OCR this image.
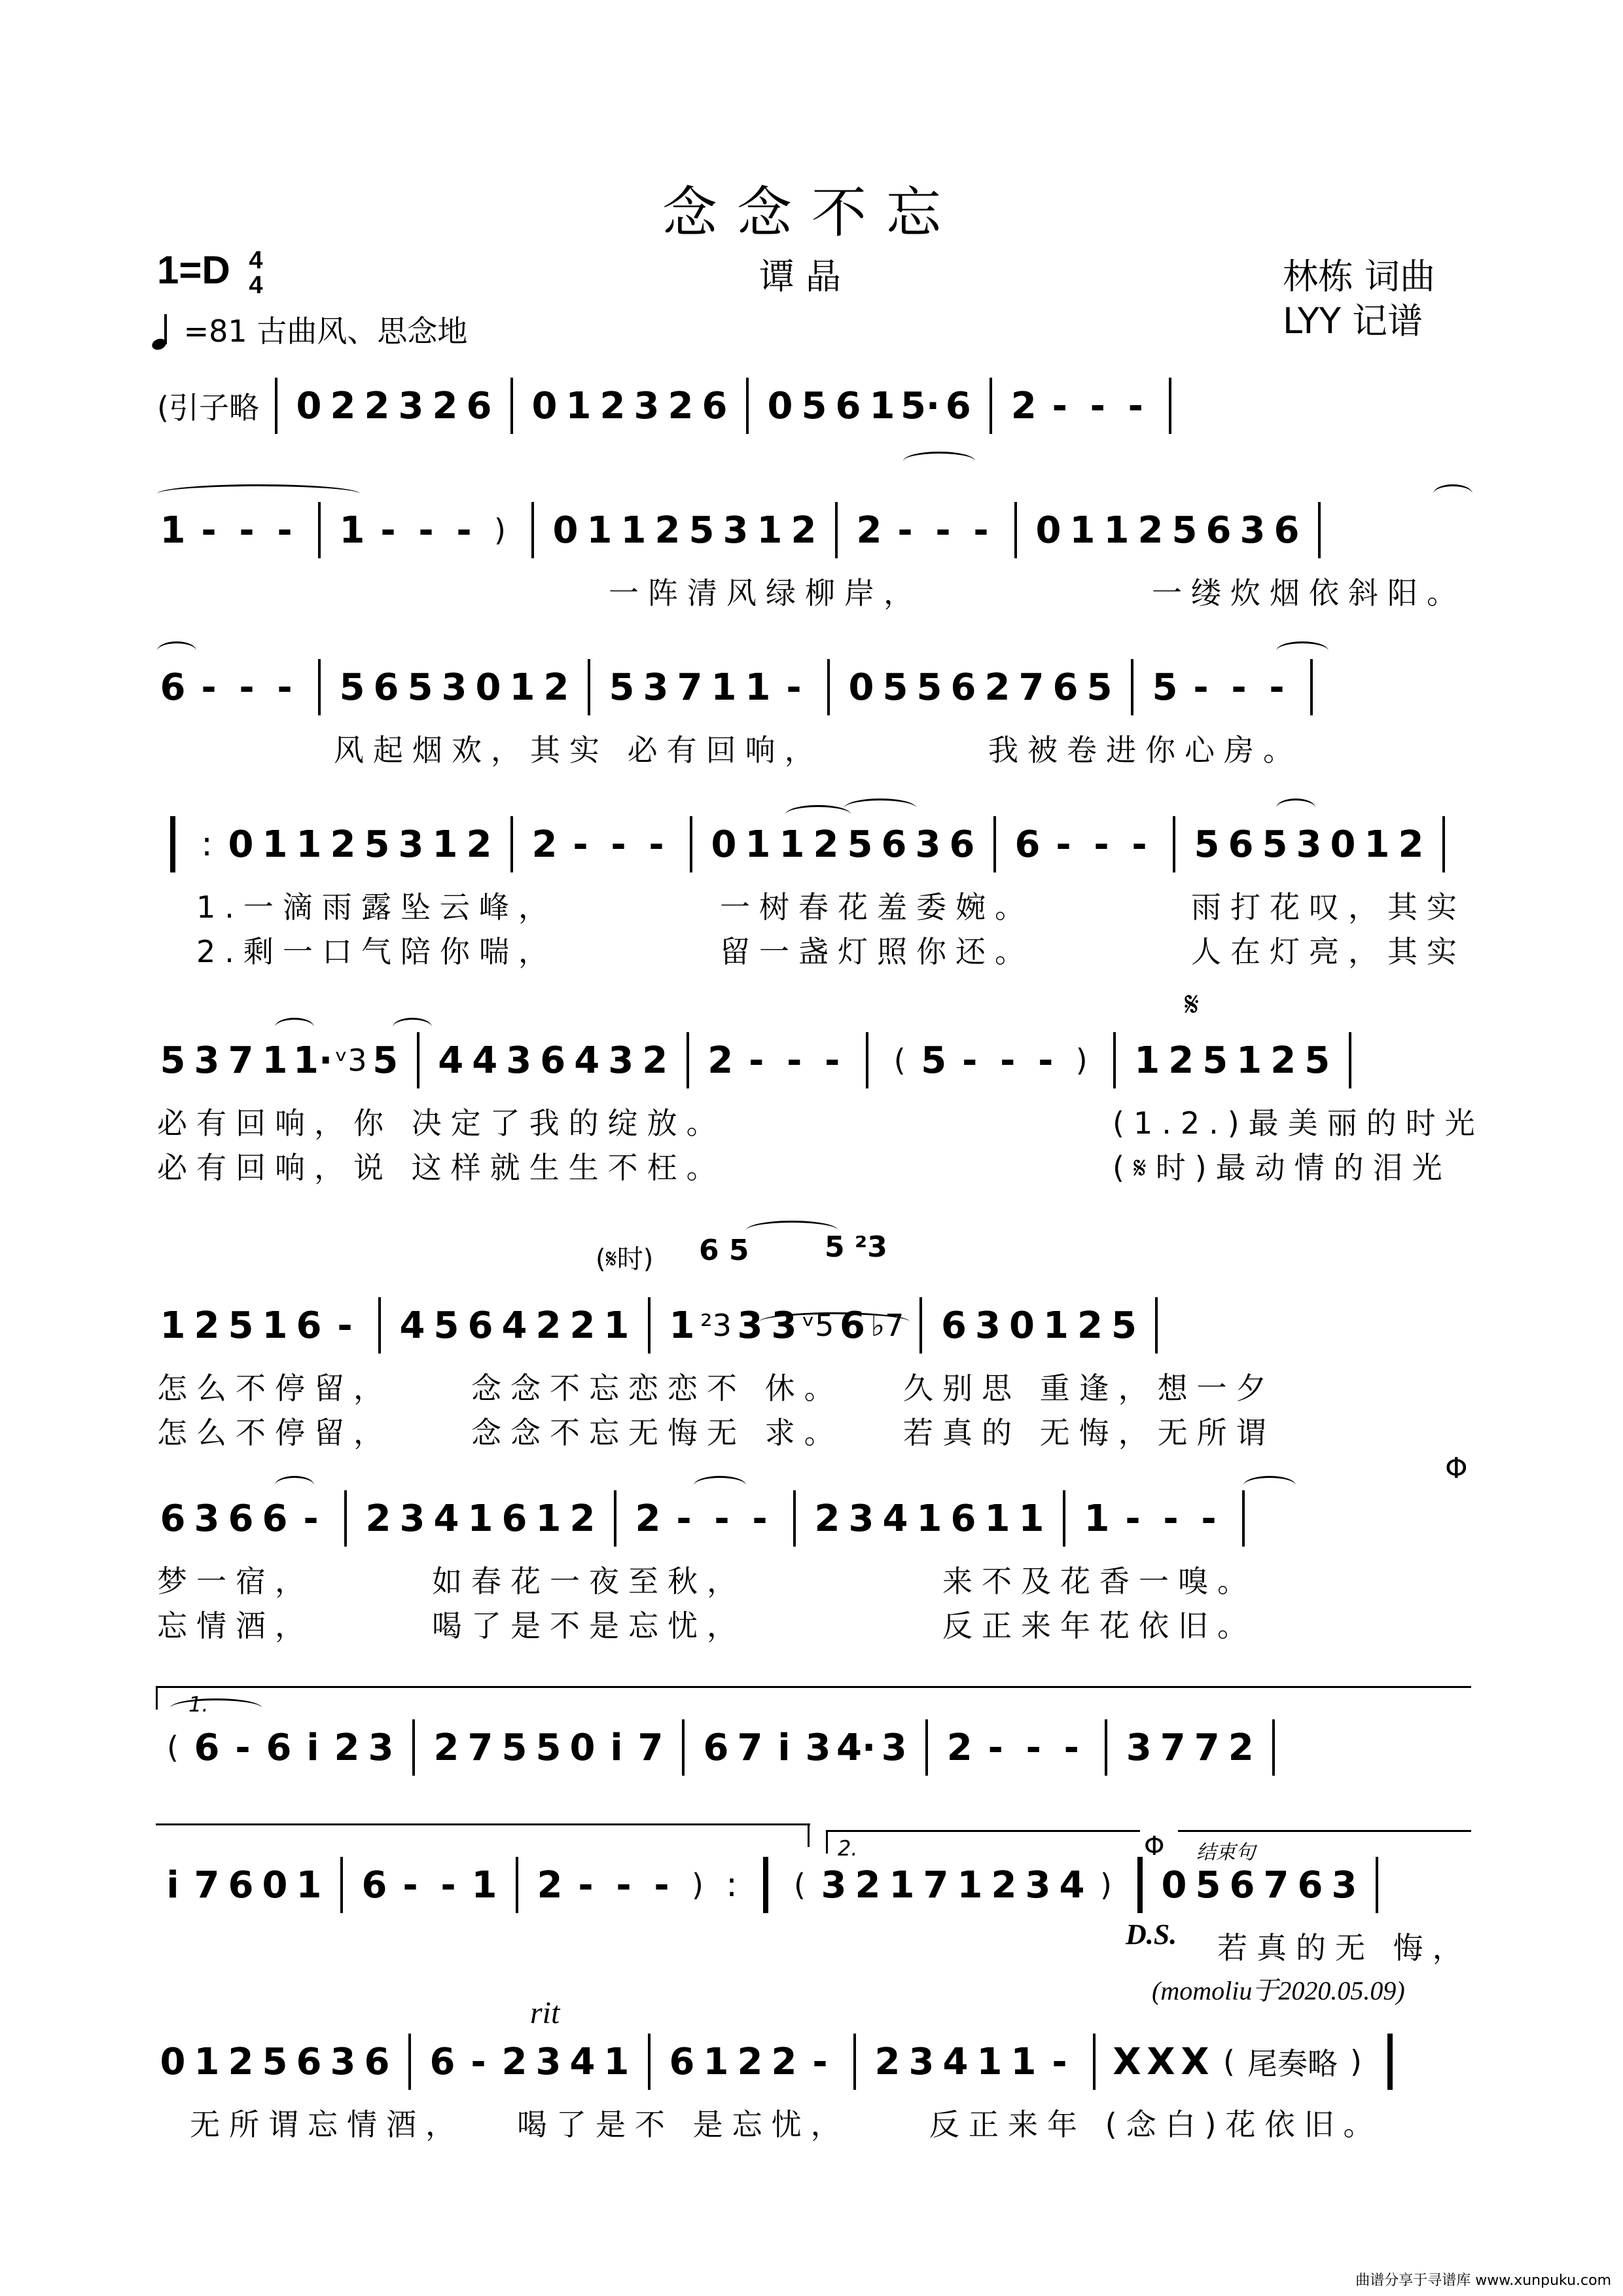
念念不忘
1=D 4
4	谭 晶	林栋 词曲
LYY 记谱
=81 古曲风、思念地
(引子略 0 2 2 3 2 6 0 1 2 3 2 6 0 5 6 1 5· 6 2 - - -
1 - - -	1 - - - )	0 1 1 2 5 3 1 2 2 - - -	0 1 1 2 5 6 3 6
6 - - -	5 6 5 3 0 1 2 5 3 7 1 1 -	0 5 5 6 2 7 6 5 5 - - -
: 0 1 1 2 5 3 1 2 2 - - -	0 1 1 2 5 6 3 6 6 - - -	5 6 5 3 0 1 2
5 3 7 1 1· ᵛ3 5 4 4 3 6 4 3 2 2 - - -	( 5 - - - )	1 2 5 1 2 5
1 2 5 1 6 -	4 5 6 4 2 2 1 1 ²3 3 3 ᵛ5 6 ♭7 6 3 0 1 2 5
6 3 6 6 -	2 3 4 1 6 1 2 2 - - -	2 3 4 1 6 1 1 1 - - -
( 6 - 6 i 2 3 2 7 5 5 0 i 7 6 7 i 3 4· 3 2 - - -	3 7 7 2
i 7 6 0 1 6 - - 1 2 - - - ) :	( 3 2 1 7 1 2 3 4 )	0 5 6 7 6 3
0 1 2 5 6 3 6 6 - 2 3 4 1 6 1 2 2 -	2 3 4 1 1 -	X X X ( 尾奏略 )
𝄋
Φ
1.
2.	Φ 结束句
D.S.
rit
(momoliu于2020.05.09)
(𝄋时) 6 5	5 ²3
曲谱分享于寻谱库 www.xunpuku.com
一阵清风绿柳岸，	一缕炊烟依斜阳。
风起烟欢，其实 必有回响，	我被卷进你心房。
1.一滴雨露坠云峰，	一树春花羞委婉。	雨打花叹，其实
2.剩一口气陪你喘，	留一盏灯照你还。	人在灯亮，其实
必有回响，你 决定了我的绽放。
必有回响，说 这样就生生不枉。
(1.2.)最美丽的时光
(𝄋时)最动情的泪光
怎么不停留，	念念不忘恋恋不 休。 久别思 重逢，想一夕
怎么不停留，	念念不忘无悔无 求。 若真的 无悔，无所谓
梦一宿，	如春花一夜至秋，	来不及花香一嗅。
忘情酒，	喝了是不是忘忧，	反正来年花依旧。
若真的无 悔，
无所谓忘情酒， 喝了是不 是忘忧，	反正来年 (念白)花依旧。
